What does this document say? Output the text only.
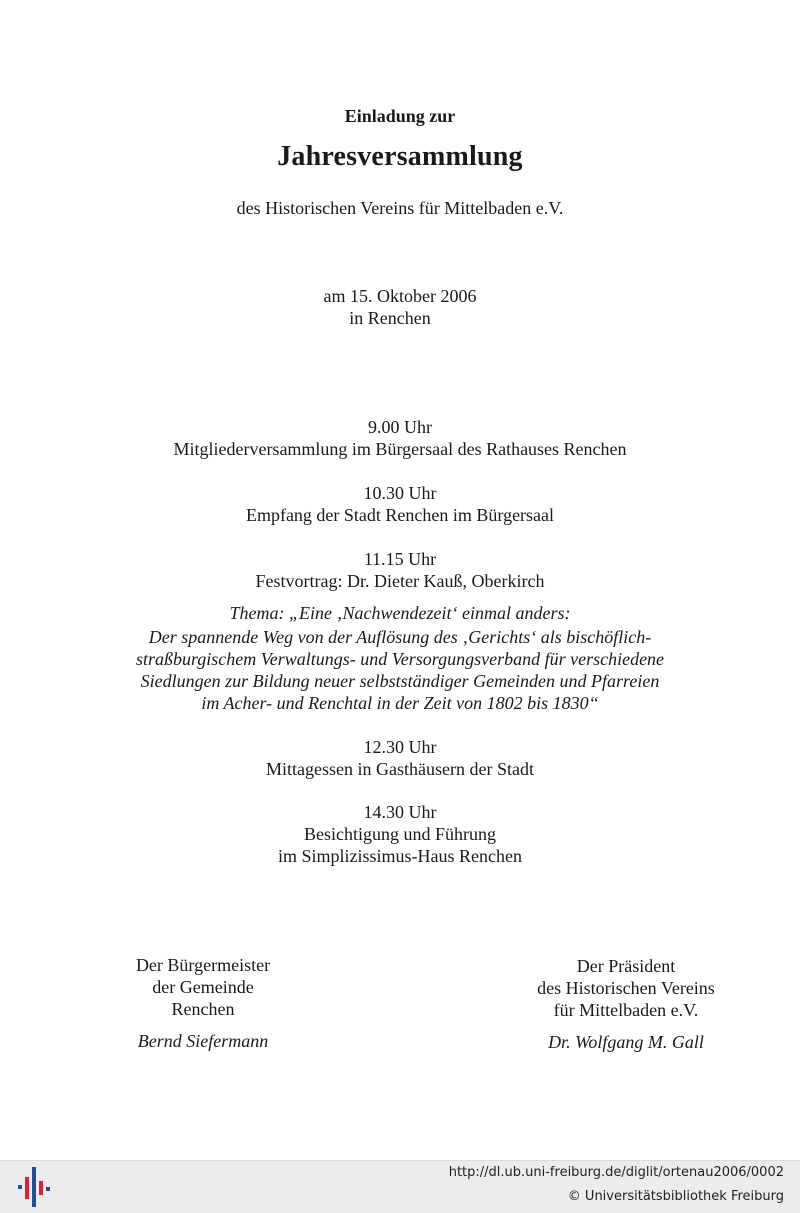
Einladung zur
Jahresversammlung
des Historischen Vereins für Mittelbaden e.V.
am 15. Oktober 2006
in Renchen
9.00 Uhr
Mitgliederversammlung im Bürgersaal des Rathauses Renchen
10.30 Uhr
Empfang der Stadt Renchen im Bürgersaal
11.15 Uhr
Festvortrag: Dr. Dieter Kauß, Oberkirch
Thema: „Eine ‚Nachwendezeit‘ einmal anders:
Der spannende Weg von der Auflösung des ‚Gerichts‘ als bischöflich-
straßburgischem Verwaltungs- und Versorgungsverband für verschiedene
Siedlungen zur Bildung neuer selbstständiger Gemeinden und Pfarreien
im Acher- und Renchtal in der Zeit von 1802 bis 1830“
12.30 Uhr
Mittagessen in Gasthäusern der Stadt
14.30 Uhr
Besichtigung und Führung
im Simplizissimus-Haus Renchen
Der Bürgermeister
der Gemeinde
Renchen
Bernd Siefermann
Der Präsident
des Historischen Vereins
für Mittelbaden e.V.
Dr. Wolfgang M. Gall
http://dl.ub.uni-freiburg.de/diglit/ortenau2006/0002
© Universitätsbibliothek Freiburg
